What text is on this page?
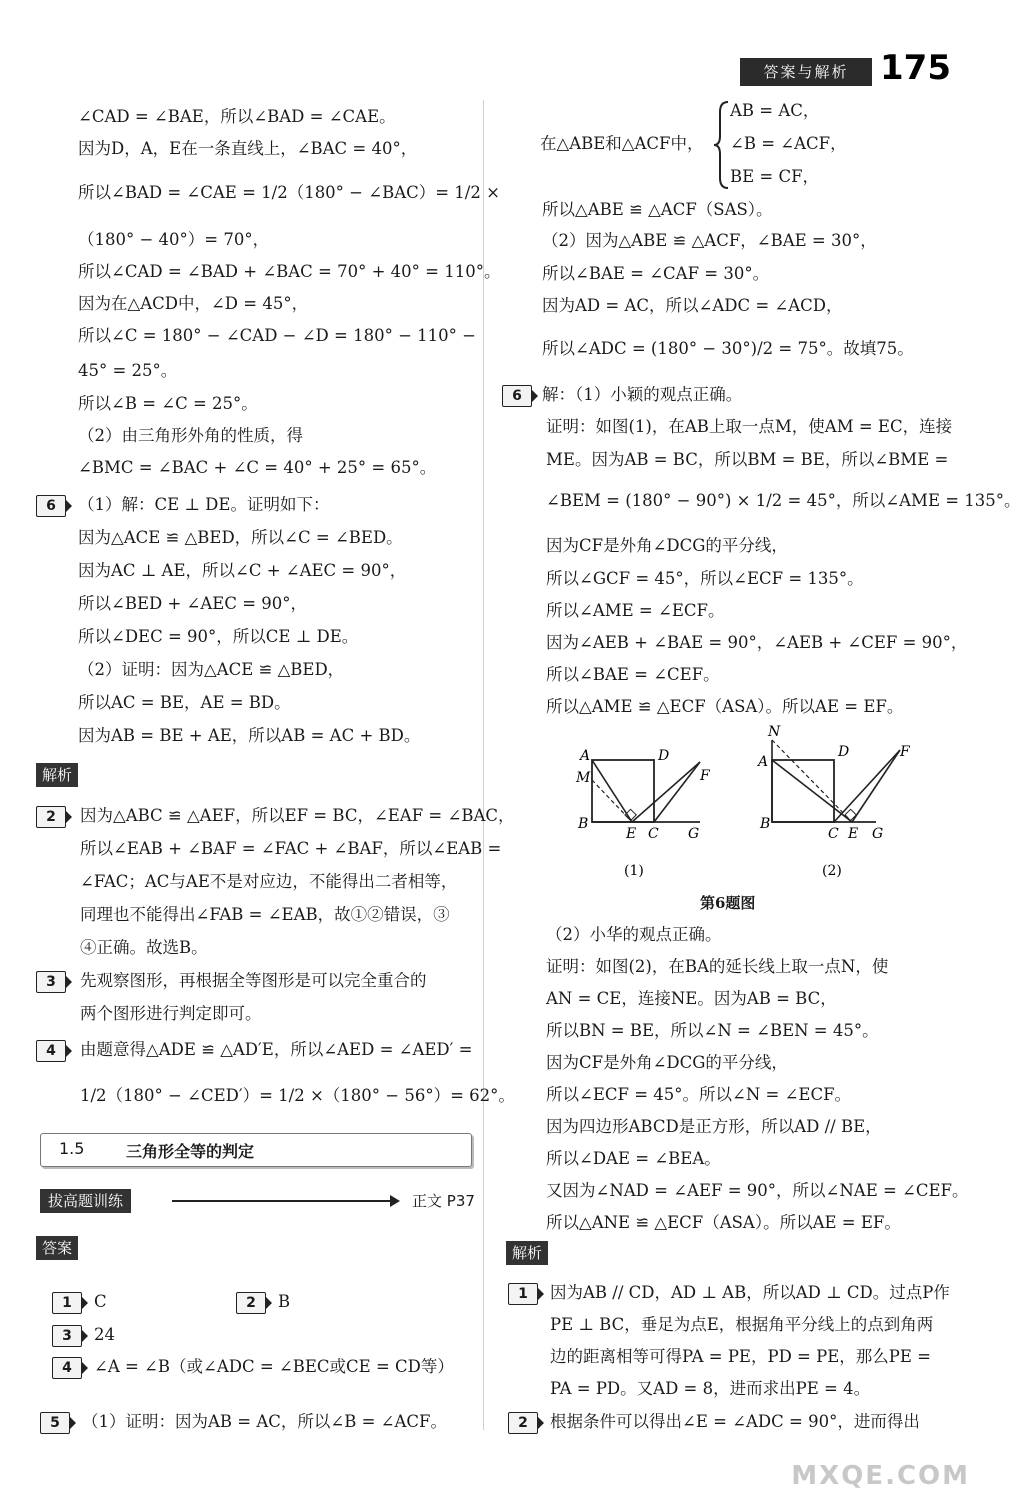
答案与解析 175
∠CAD = ∠BAE，所以∠BAD = ∠CAE。
因为D，A，E在一条直线上，∠BAC = 40°，
所以∠BAD = ∠CAE = 1/2（180° − ∠BAC）= 1/2 ×
（180° − 40°）= 70°，
所以∠CAD = ∠BAD + ∠BAC = 70° + 40° = 110°。
因为在△ACD中，∠D = 45°，
所以∠C = 180° − ∠CAD − ∠D = 180° − 110° −
45° = 25°。
所以∠B = ∠C = 25°。
（2）由三角形外角的性质，得
∠BMC = ∠BAC + ∠C = 40° + 25° = 65°。
6	（1）解：CE ⊥ DE。证明如下：
因为△ACE ≌ △BED，所以∠C = ∠BED。
因为AC ⊥ AE，所以∠C + ∠AEC = 90°，
所以∠BED + ∠AEC = 90°，
所以∠DEC = 90°，所以CE ⊥ DE。
（2）证明：因为△ACE ≌ △BED，
所以AC = BE，AE = BD。
因为AB = BE + AE，所以AB = AC + BD。
解析
2	因为△ABC ≌ △AEF，所以EF = BC，∠EAF = ∠BAC，
所以∠EAB + ∠BAF = ∠FAC + ∠BAF，所以∠EAB =
∠FAC；AC与AE不是对应边，不能得出二者相等，
同理也不能得出∠FAB = ∠EAB，故①②错误，③
④正确。故选B。
3	先观察图形，再根据全等图形是可以完全重合的
两个图形进行判定即可。
4	由题意得△ADE ≌ △AD′E，所以∠AED = ∠AED′ =
1/2（180° − ∠CED′）= 1/2 ×（180° − 56°）= 62°。
1.5	三角形全等的判定
拔高题训练	正文 P37
答案
1	C	2	B
3	24
4	∠A = ∠B（或∠ADC = ∠BEC或CE = CD等）
5	（1）证明：因为AB = AC，所以∠B = ∠ACF。
在△ABE和△ACF中，
AB = AC，
∠B = ∠ACF，
BE = CF，
所以△ABE ≌ △ACF（SAS）。
（2）因为△ABE ≌ △ACF，∠BAE = 30°，
所以∠BAE = ∠CAF = 30°。
因为AD = AC，所以∠ADC = ∠ACD，
所以∠ADC = (180° − 30°)/2 = 75°。故填75。
6	解：（1）小颖的观点正确。
证明：如图(1)，在AB上取一点M，使AM = EC，连接
ME。因为AB = BC，所以BM = BE，所以∠BME =
∠BEM = (180° − 90°) × 1/2 = 45°，所以∠AME = 135°。
因为CF是外角∠DCG的平分线，
所以∠GCF = 45°，所以∠ECF = 135°。
所以∠AME = ∠ECF。
因为∠AEB + ∠BAE = 90°，∠AEB + ∠CEF = 90°，
所以∠BAE = ∠CEF。
所以△AME ≌ △ECF（ASA）。所以AE = EF。
A	D
M	F
B
E C G
(1)
N
A
D	F
B
C E G
(2)
第6题图
（2）小华的观点正确。
证明：如图(2)，在BA的延长线上取一点N，使
AN = CE，连接NE。因为AB = BC，
所以BN = BE，所以∠N = ∠BEN = 45°。
因为CF是外角∠DCG的平分线，
所以∠ECF = 45°。所以∠N = ∠ECF。
因为四边形ABCD是正方形，所以AD // BE，
所以∠DAE = ∠BEA。
又因为∠NAD = ∠AEF = 90°，所以∠NAE = ∠CEF。
所以△ANE ≌ △ECF（ASA）。所以AE = EF。
解析
1	因为AB // CD，AD ⊥ AB，所以AD ⊥ CD。过点P作
PE ⊥ BC，垂足为点E，根据角平分线上的点到角两
边的距离相等可得PA = PE，PD = PE，那么PE =
PA = PD。又AD = 8，进而求出PE = 4。
2	根据条件可以得出∠E = ∠ADC = 90°，进而得出
MXQE.COM
